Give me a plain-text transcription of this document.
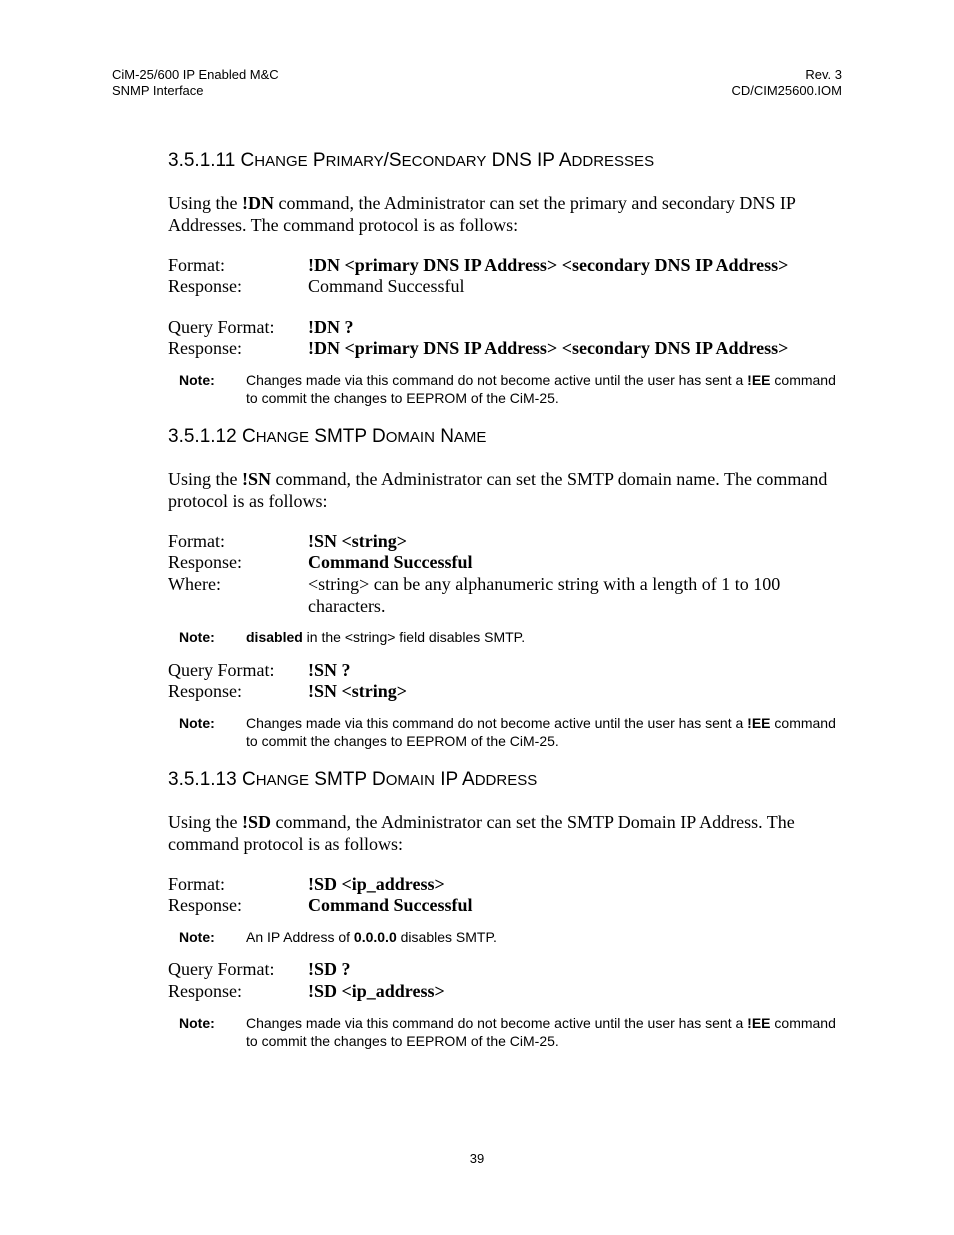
CiM-25/600 IP Enabled M&C
SNMP Interface
Rev. 3
CD/CIM25600.IOM
3.5.1.11 CHANGE PRIMARY/SECONDARY DNS IP ADDRESSES
Using the !DN command, the Administrator can set the primary and secondary DNS IP Addresses. The command protocol is as follows:
Format:	!DN <primary DNS IP Address> <secondary DNS IP Address>
Response:	Command Successful
Query Format: !DN ?
Response:	!DN <primary DNS IP Address> <secondary DNS IP Address>
Note: Changes made via this command do not become active until the user has sent a !EE command to commit the changes to EEPROM of the CiM-25.
3.5.1.12 CHANGE SMTP DOMAIN NAME
Using the !SN command, the Administrator can set the SMTP domain name. The command protocol is as follows:
Format:	!SN <string>
Response:	Command Successful
Where:	<string> can be any alphanumeric string with a length of 1 to 100 characters.
Note: disabled in the <string> field disables SMTP.
Query Format: !SN ?
Response:	!SN <string>
Note: Changes made via this command do not become active until the user has sent a !EE command to commit the changes to EEPROM of the CiM-25.
3.5.1.13 CHANGE SMTP DOMAIN IP ADDRESS
Using the !SD command, the Administrator can set the SMTP Domain IP Address. The command protocol is as follows:
Format:	!SD <ip_address>
Response:	Command Successful
Note: An IP Address of 0.0.0.0 disables SMTP.
Query Format: !SD ?
Response:	!SD <ip_address>
Note: Changes made via this command do not become active until the user has sent a !EE command to commit the changes to EEPROM of the CiM-25.
39
